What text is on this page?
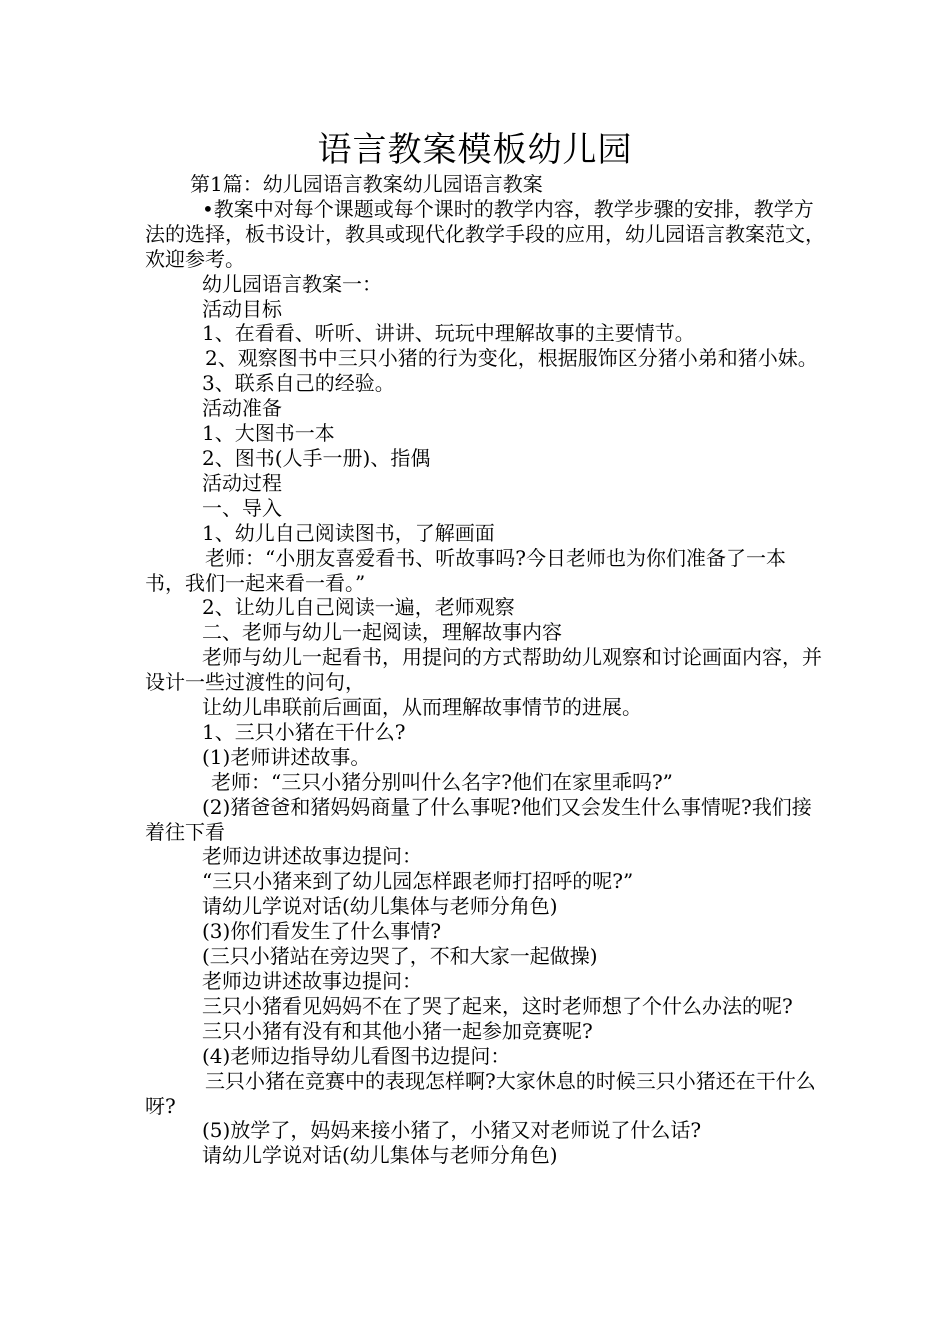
语言教案模板幼儿园

第1篇：幼儿园语言教案幼儿园语言教案

•教案中对每个课题或每个课时的教学内容，教学步骤的安排，教学方法的选择，板书设计，教具或现代化教学手段的应用，幼儿园语言教案范文，欢迎参考。

幼儿园语言教案一：

活动目标

1、在看看、听听、讲讲、玩玩中理解故事的主要情节。

2、观察图书中三只小猪的行为变化，根据服饰区分猪小弟和猪小妹。

3、联系自己的经验。

活动准备

1、大图书一本

2、图书(人手一册)、指偶

活动过程

一、导入

1、幼儿自己阅读图书，了解画面

老师：“小朋友喜爱看书、听故事吗?今日老师也为你们准备了一本书，我们一起来看一看。”

2、让幼儿自己阅读一遍，老师观察

二、老师与幼儿一起阅读，理解故事内容

老师与幼儿一起看书，用提问的方式帮助幼儿观察和讨论画面内容，并设计一些过渡性的问句，

让幼儿串联前后画面，从而理解故事情节的进展。

1、三只小猪在干什么?

(1)老师讲述故事。

老师：“三只小猪分别叫什么名字?他们在家里乖吗?”

(2)猪爸爸和猪妈妈商量了什么事呢?他们又会发生什么事情呢?我们接着往下看

老师边讲述故事边提问：

“三只小猪来到了幼儿园怎样跟老师打招呼的呢?”

请幼儿学说对话(幼儿集体与老师分角色)

(3)你们看发生了什么事情?

(三只小猪站在旁边哭了，不和大家一起做操)

老师边讲述故事边提问：

三只小猪看见妈妈不在了哭了起来，这时老师想了个什么办法的呢?

三只小猪有没有和其他小猪一起参加竞赛呢?

(4)老师边指导幼儿看图书边提问：

三只小猪在竞赛中的表现怎样啊?大家休息的时候三只小猪还在干什么呀?

(5)放学了，妈妈来接小猪了，小猪又对老师说了什么话?

请幼儿学说对话(幼儿集体与老师分角色)
